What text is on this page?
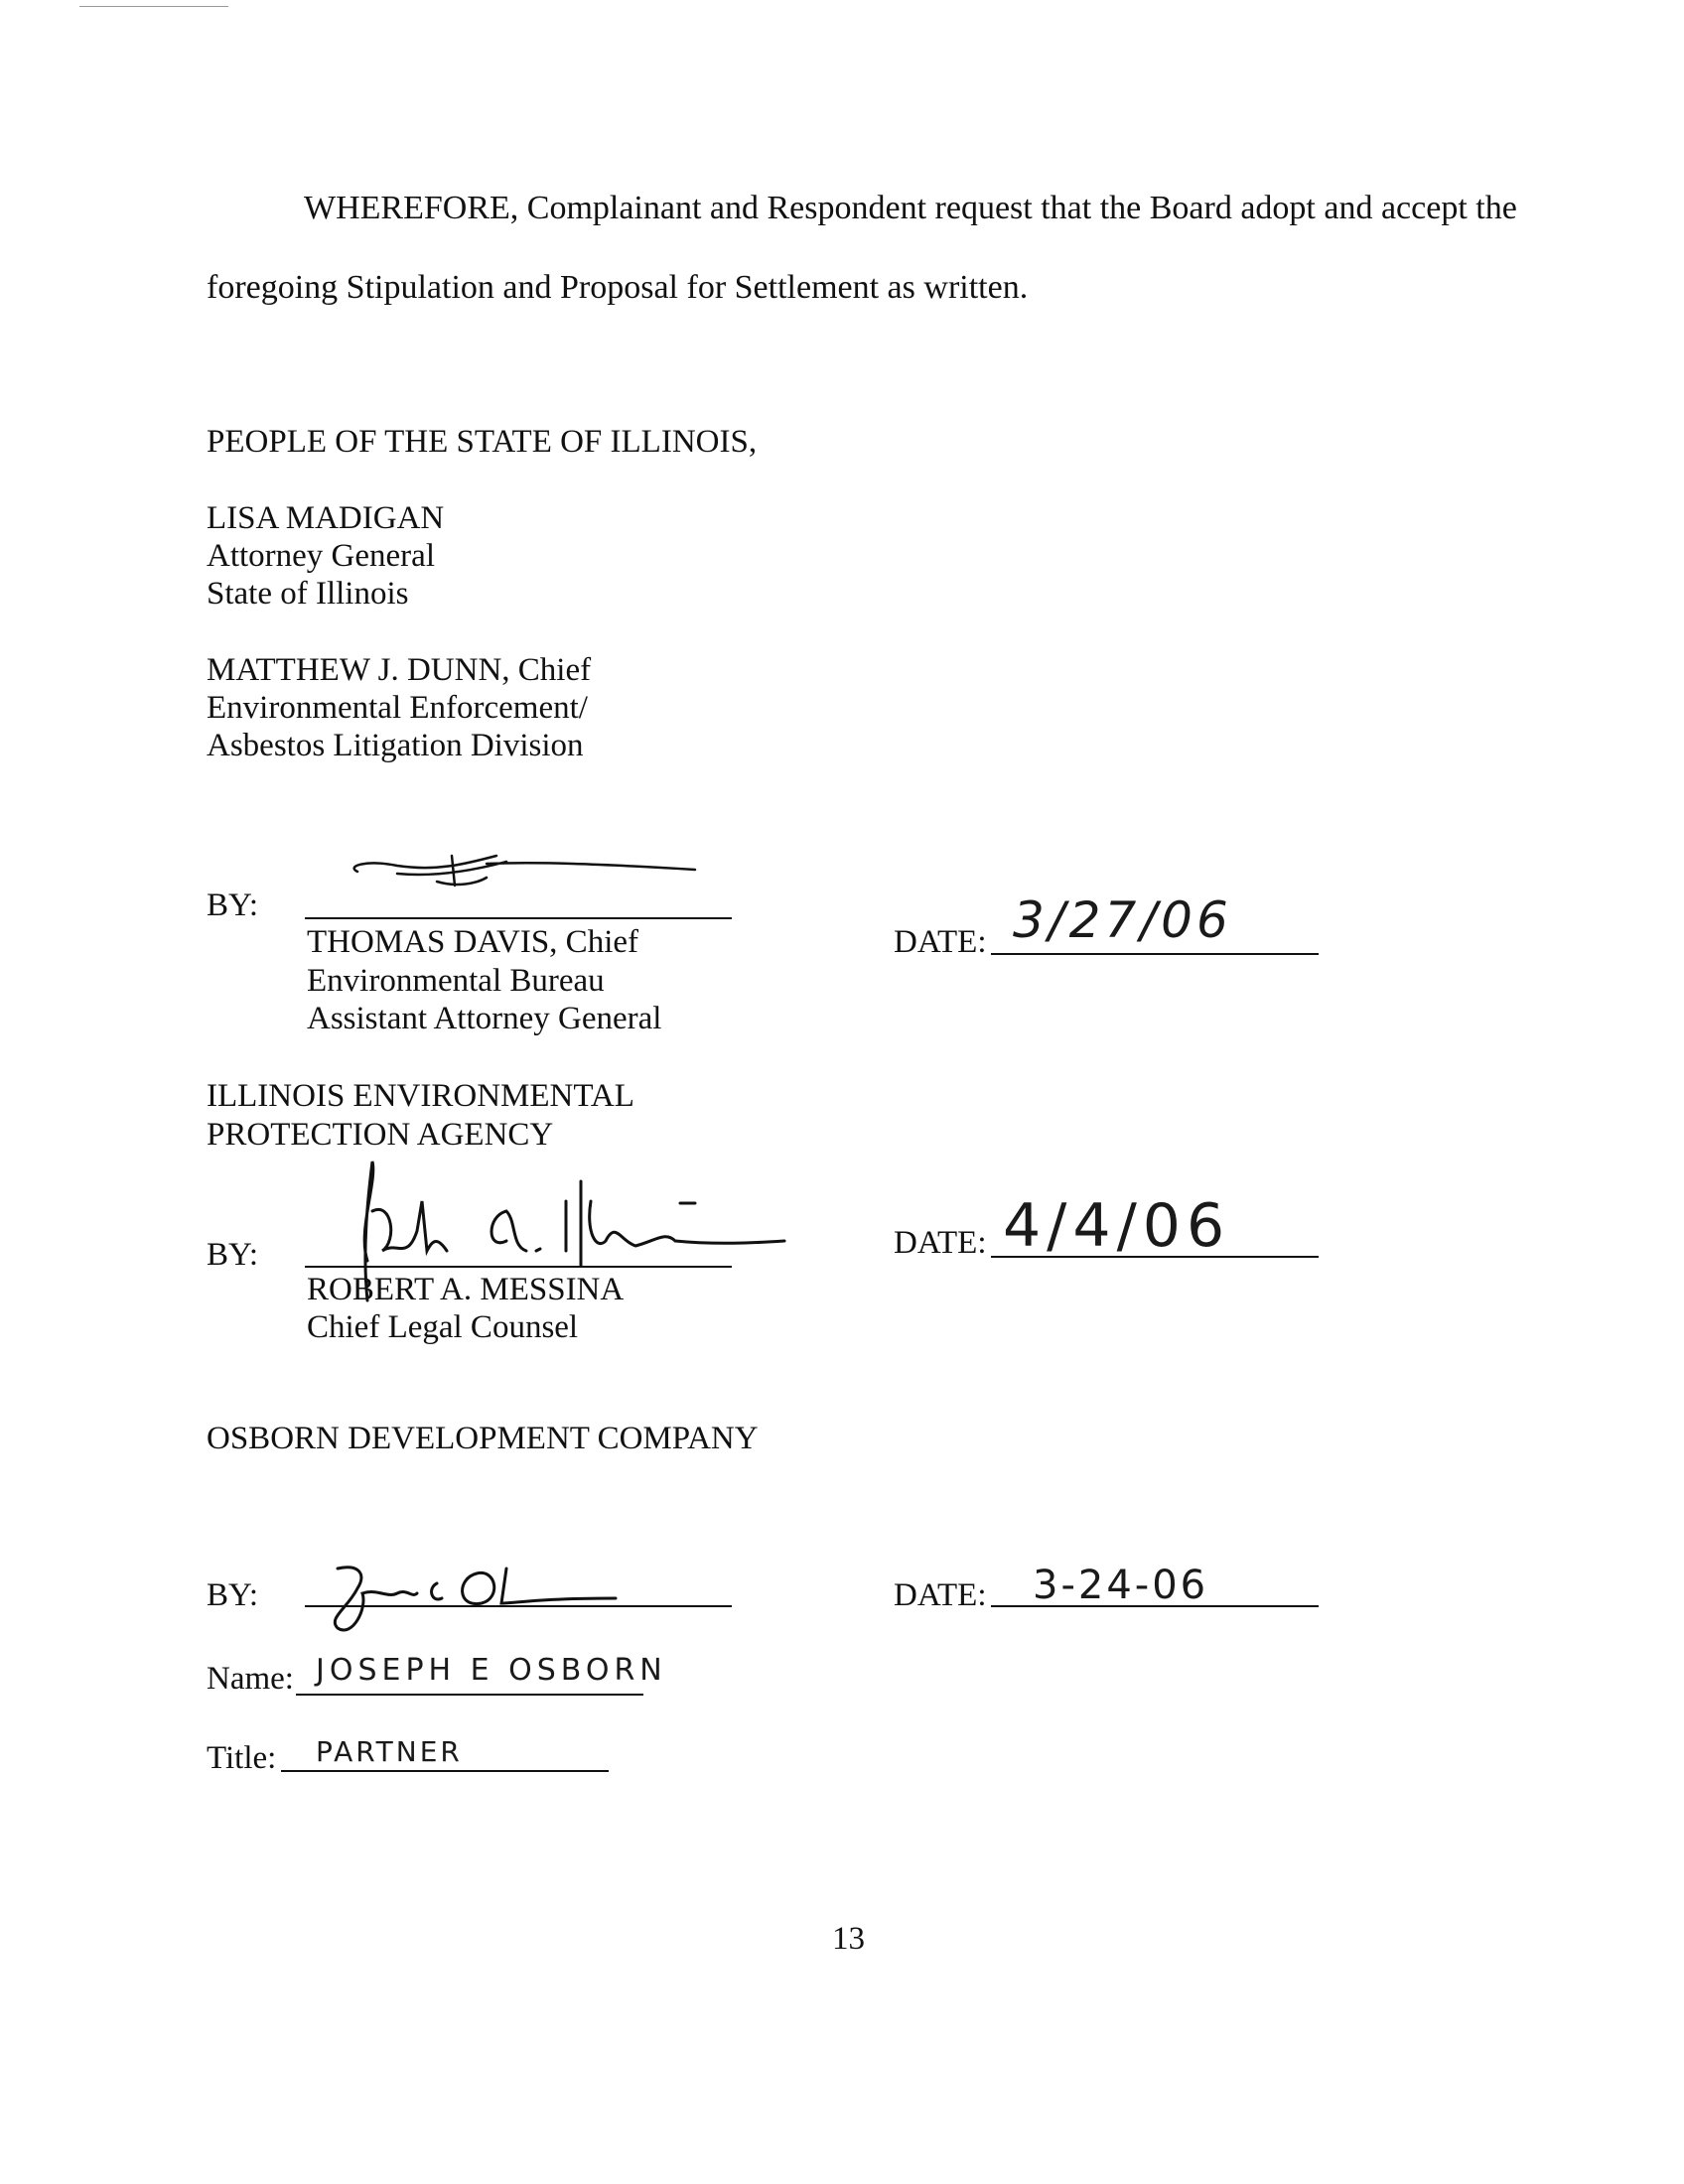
WHEREFORE, Complainant and Respondent request that the Board adopt and accept the
foregoing Stipulation and Proposal for Settlement as written.
PEOPLE OF THE STATE OF ILLINOIS,
LISA MADIGAN
Attorney General
State of Illinois
MATTHEW J. DUNN, Chief
Environmental Enforcement/
Asbestos Litigation Division
BY:
THOMAS DAVIS, Chief
Environmental Bureau
Assistant Attorney General
DATE: 3/27/06
ILLINOIS ENVIRONMENTAL
PROTECTION AGENCY
BY:
ROBERT A. MESSINA
Chief Legal Counsel
DATE: 4/4/06
OSBORN DEVELOPMENT COMPANY
BY:	DATE: 3-24-06
Name: JOSEPH E OSBORN
Title: PARTNER
13
